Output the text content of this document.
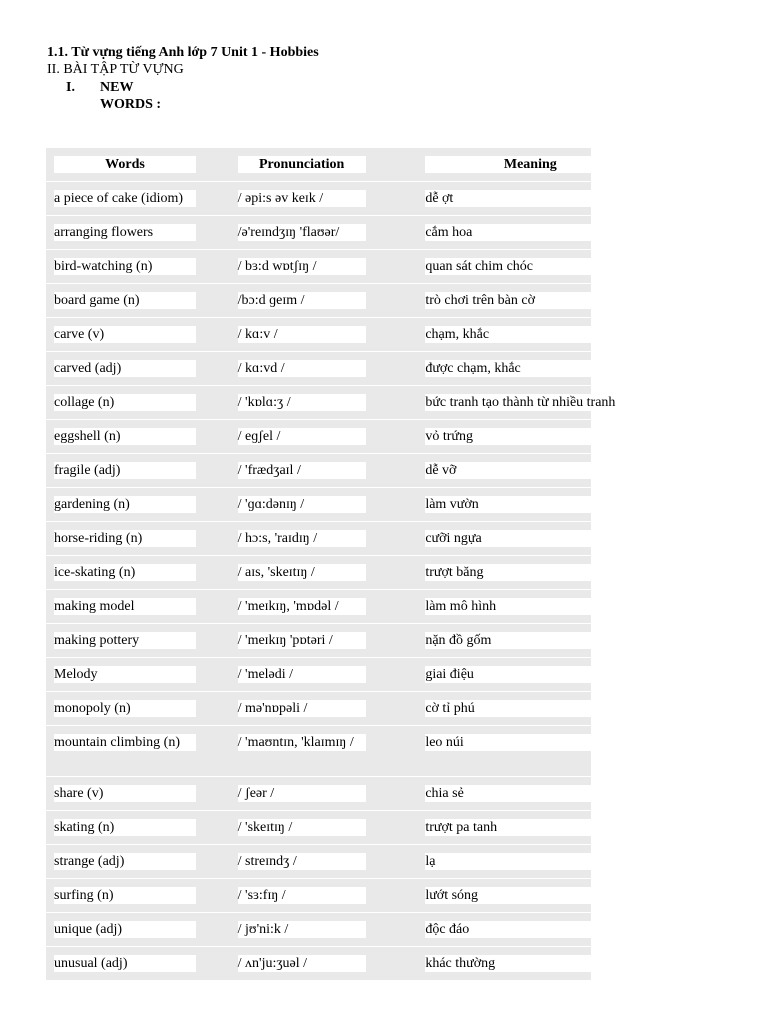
1.1. Từ vựng tiếng Anh lớp 7 Unit 1 - Hobbies

II. BÀI TẬP TỪ VỰNG

I. NEW WORDS :
Words	Pronunciation	Meaning

a piece of cake (idiom)	/ əpi:s əv keɪk /	dễ ợt

arranging flowers	/ə'reɪndʒɪŋ 'flaʊər/	cắm hoa

bird-watching (n)	/ bɜ:d wɒtʃɪŋ /	quan sát chim chóc

board game (n)	/bɔ:d ɡeɪm /	trò chơi trên bàn cờ

carve (v)	/ kɑ:v /	chạm, khắc

carved (adj)	/ kɑ:vd /	được chạm, khắc

collage (n)	/ 'kɒlɑ:ʒ /	bức tranh tạo thành từ nhiều tranh

eggshell (n)	/ eɡʃel /	vỏ trứng

fragile (adj)	/ 'frædʒaɪl /	dễ vỡ

gardening (n)	/ 'ɡɑ:dənɪŋ /	làm vườn

horse-riding (n)	/ hɔ:s, 'raɪdɪŋ /	cưỡi ngựa

ice-skating (n)	/ aɪs, 'skeɪtɪŋ /	trượt băng

making model	/ 'meɪkɪŋ, 'mɒdəl /	làm mô hình

making pottery	/ 'meɪkɪŋ 'pɒtəri /	nặn đồ gốm

Melody	/ 'melədi /	giai điệu

monopoly (n)	/ mə'nɒpəli /	cờ tỉ phú

mountain climbing (n)	/ 'maʊntɪn, 'klaɪmɪŋ /	leo núi

share (v)	/ ʃeər /	chia sẻ

skating (n)	/ 'skeɪtɪŋ /	trượt pa tanh

strange (adj)	/ streɪndʒ /	lạ

surfing (n)	/ 'sɜ:fɪŋ /	lướt sóng

unique (adj)	/ jʊ'ni:k /	độc đáo

unusual (adj)	/ ʌn'ju:ʒuəl /	khác thường
